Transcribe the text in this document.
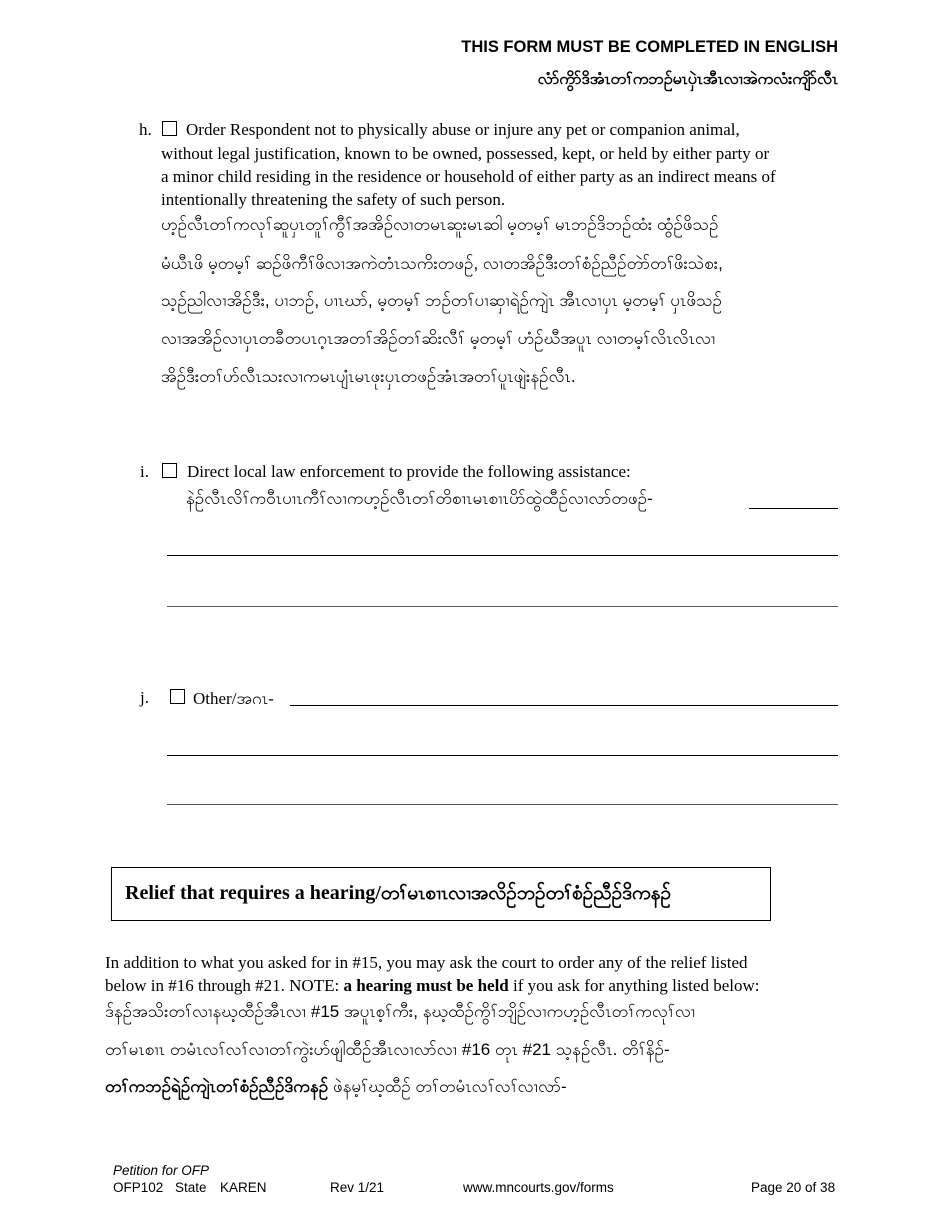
THIS FORM MUST BE COMPLETED IN ENGLISH
လံာ်ကွိာ်ဒိအံၤတၢ်ကဘဉ်မၤပှဲၤအီၤလၢအဲကလံးကျိာ်လီၤ
h. Order Respondent not to physically abuse or injure any pet or companion animal,
without legal justification, known to be owned, possessed, kept, or held by either party or
a minor child residing in the residence or household of either party as an indirect means of
intentionally threatening the safety of such person.
ဟ့ဉ်လီၤတၢ်ကလုၢ်ဆူပှၤတူၢ်ကွီၢ်အအိဉ်လၢတမၤဆူးမၤဆါ မ့တမ့ၢ် မၤဘဉ်ဒိဘဉ်ထံး ထွံဉ်ဖိသဉ်
မံယီၤဖိ မ့တမ့ၢ် ဆဉ်ဖိကီၢ်ဖိလၢအကဲတံၤသကိးတဖဉ်, လၢတအိဉ်ဒီးတၢ်စံဉ်ညီဉ်တဲာ်တၢ်ဖိးသဲစး,
သ့ဉ်ညါလၢအိဉ်ဒီး, ပၢဘဉ်, ပၢၤဃာ်, မ့တမ့ၢ် ဘဉ်တၢ်ပၢဆှၢရဲဉ်ကျဲၤ အီၤလၢပှၤ မ့တမ့ၢ် ပှၤဖိသဉ်
လၢအအိဉ်လၢပှၤတခီတပၤဂ့ၤအတၢ်အိဉ်တၢ်ဆိးလီၢ် မ့တမ့ၢ် ဟံဉ်ဃီအပူၤ လၢတမ့ၢ်လိၤလိၤလၢ
အိဉ်ဒီးတၢ်ဟ်လီၤသးလၢကမၤပျံၤမၤဖုးပှၤတဖဉ်အံၤအတၢ်ပူၤဖျဲးနဉ်လီၤ.
i. Direct local law enforcement to provide the following assistance:
နဲဉ်လီၤလိၢ်ကဝီၤပၢၤကီၢ်လၢကဟ့ဉ်လီၤတၢ်တိစၢၤမၤစၢၤပိာ်ထွဲထီဉ်လၢလာ်တဖဉ်-
j.	Other/အဂၤ-
Relief that requires a hearing/တၢ်မၤစၢၤလၢအလိဉ်ဘဉ်တၢ်စံဉ်ညီဉ်ဒိကနဉ်
In addition to what you asked for in #15, you may ask the court to order any of the relief listed
below in #16 through #21. NOTE: a hearing must be held if you ask for anything listed below:
ဒ်နဉ်အသိးတၢ်လၢနဃ့ထီဉ်အီၤလၢ #15 အပူၤစ့ၢ်ကီး, နဃ့ထီဉ်ကွိၢ်ဘျိဉ်လၢကဟ့ဉ်လီၤတၢ်ကလုၢ်လၢ
တၢ်မၤစၢၤ တမံၤလၢ်လၢ်လၢတၢ်ကွဲးဟ်ဖျါထီဉ်အီၤလၢလာ်လၢ #16 တုၤ #21 သ့နဉ်လီၤ. တိၢ်နိဉ်-
တၢ်ကဘဉ်ရဲဉ်ကျဲၤတၢ်စံဉ်ညီဉ်ဒိကနဉ် ဖဲနမ့ၢ်ဃ့ထီဉ် တၢ်တမံၤလၢ်လၢ်လၢလာ်-
Petition for OFP
OFP102 State KAREN	Rev 1/21	www.mncourts.gov/forms	Page 20 of 38
